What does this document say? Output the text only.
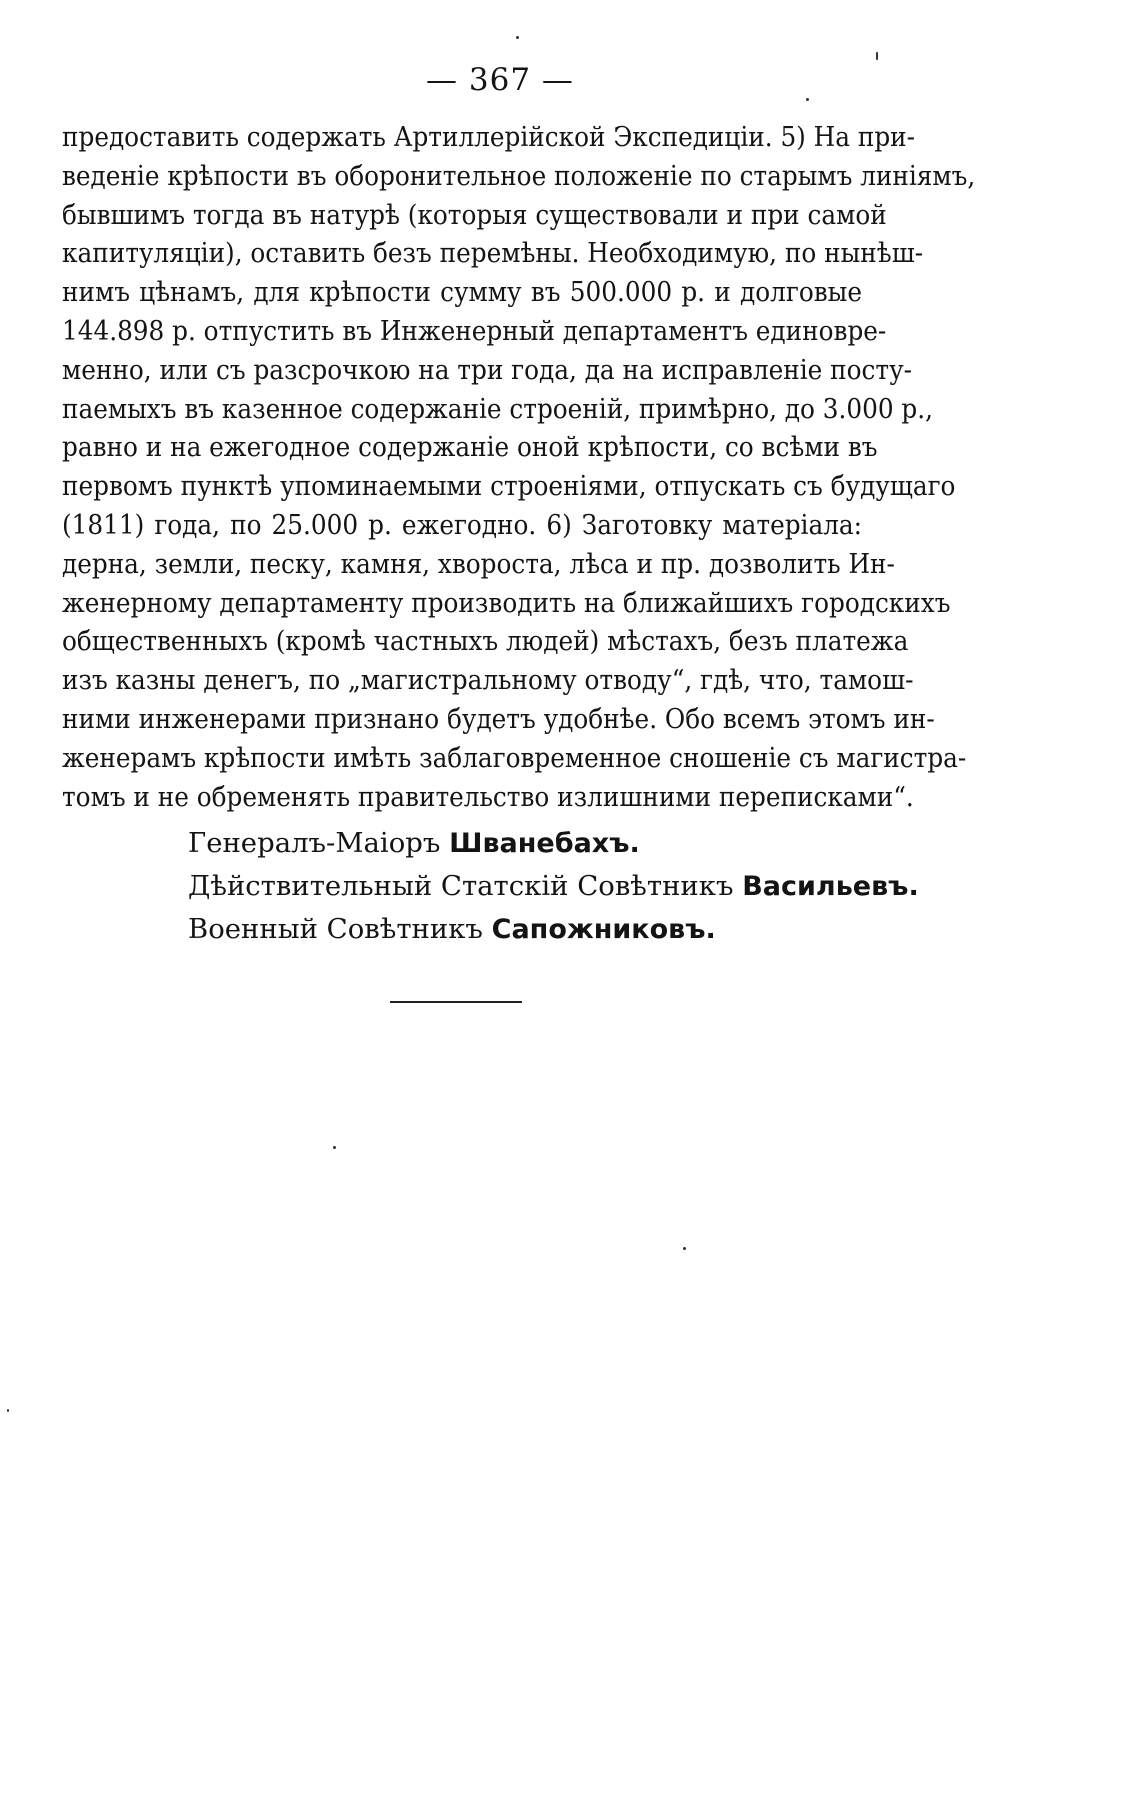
— 367 —
предоставить содержать Артиллерійской Экспедиціи. 5) На при-
веденіе крѣпости въ оборонительное положеніе по старымъ линіямъ,
бывшимъ тогда въ натурѣ (которыя существовали и при самой
капитуляціи), оставить безъ перемѣны. Необходимую, по нынѣш-
нимъ цѣнамъ, для крѣпости сумму въ 500.000 р. и долговые
144.898 р. отпустить въ Инженерный департаментъ единовре-
менно, или съ разсрочкою на три года, да на исправленіе посту-
паемыхъ въ казенное содержаніе строеній, примѣрно, до 3.000 р.,
равно и на ежегодное содержаніе оной крѣпости, со всѣми въ
первомъ пунктѣ упоминаемыми строеніями, отпускать съ будущаго
(1811) года, по 25.000 р. ежегодно. 6) Заготовку матеріала:
дерна, земли, песку, камня, хвороста, лѣса и пр. дозволить Ин-
женерному департаменту производить на ближайшихъ городскихъ
общественныхъ (кромѣ частныхъ людей) мѣстахъ, безъ платежа
изъ казны денегъ, по „магистральному отводу“, гдѣ, что, тамош-
ними инженерами признано будетъ удобнѣе. Обо всемъ этомъ ин-
женерамъ крѣпости имѣть заблаговременное сношеніе съ магистра-
томъ и не обременять правительство излишними переписками“.
Генералъ-Маіоръ Шванебахъ.
Дѣйствительный Статскій Совѣтникъ Васильевъ.
Военный Совѣтникъ Сапожниковъ.
